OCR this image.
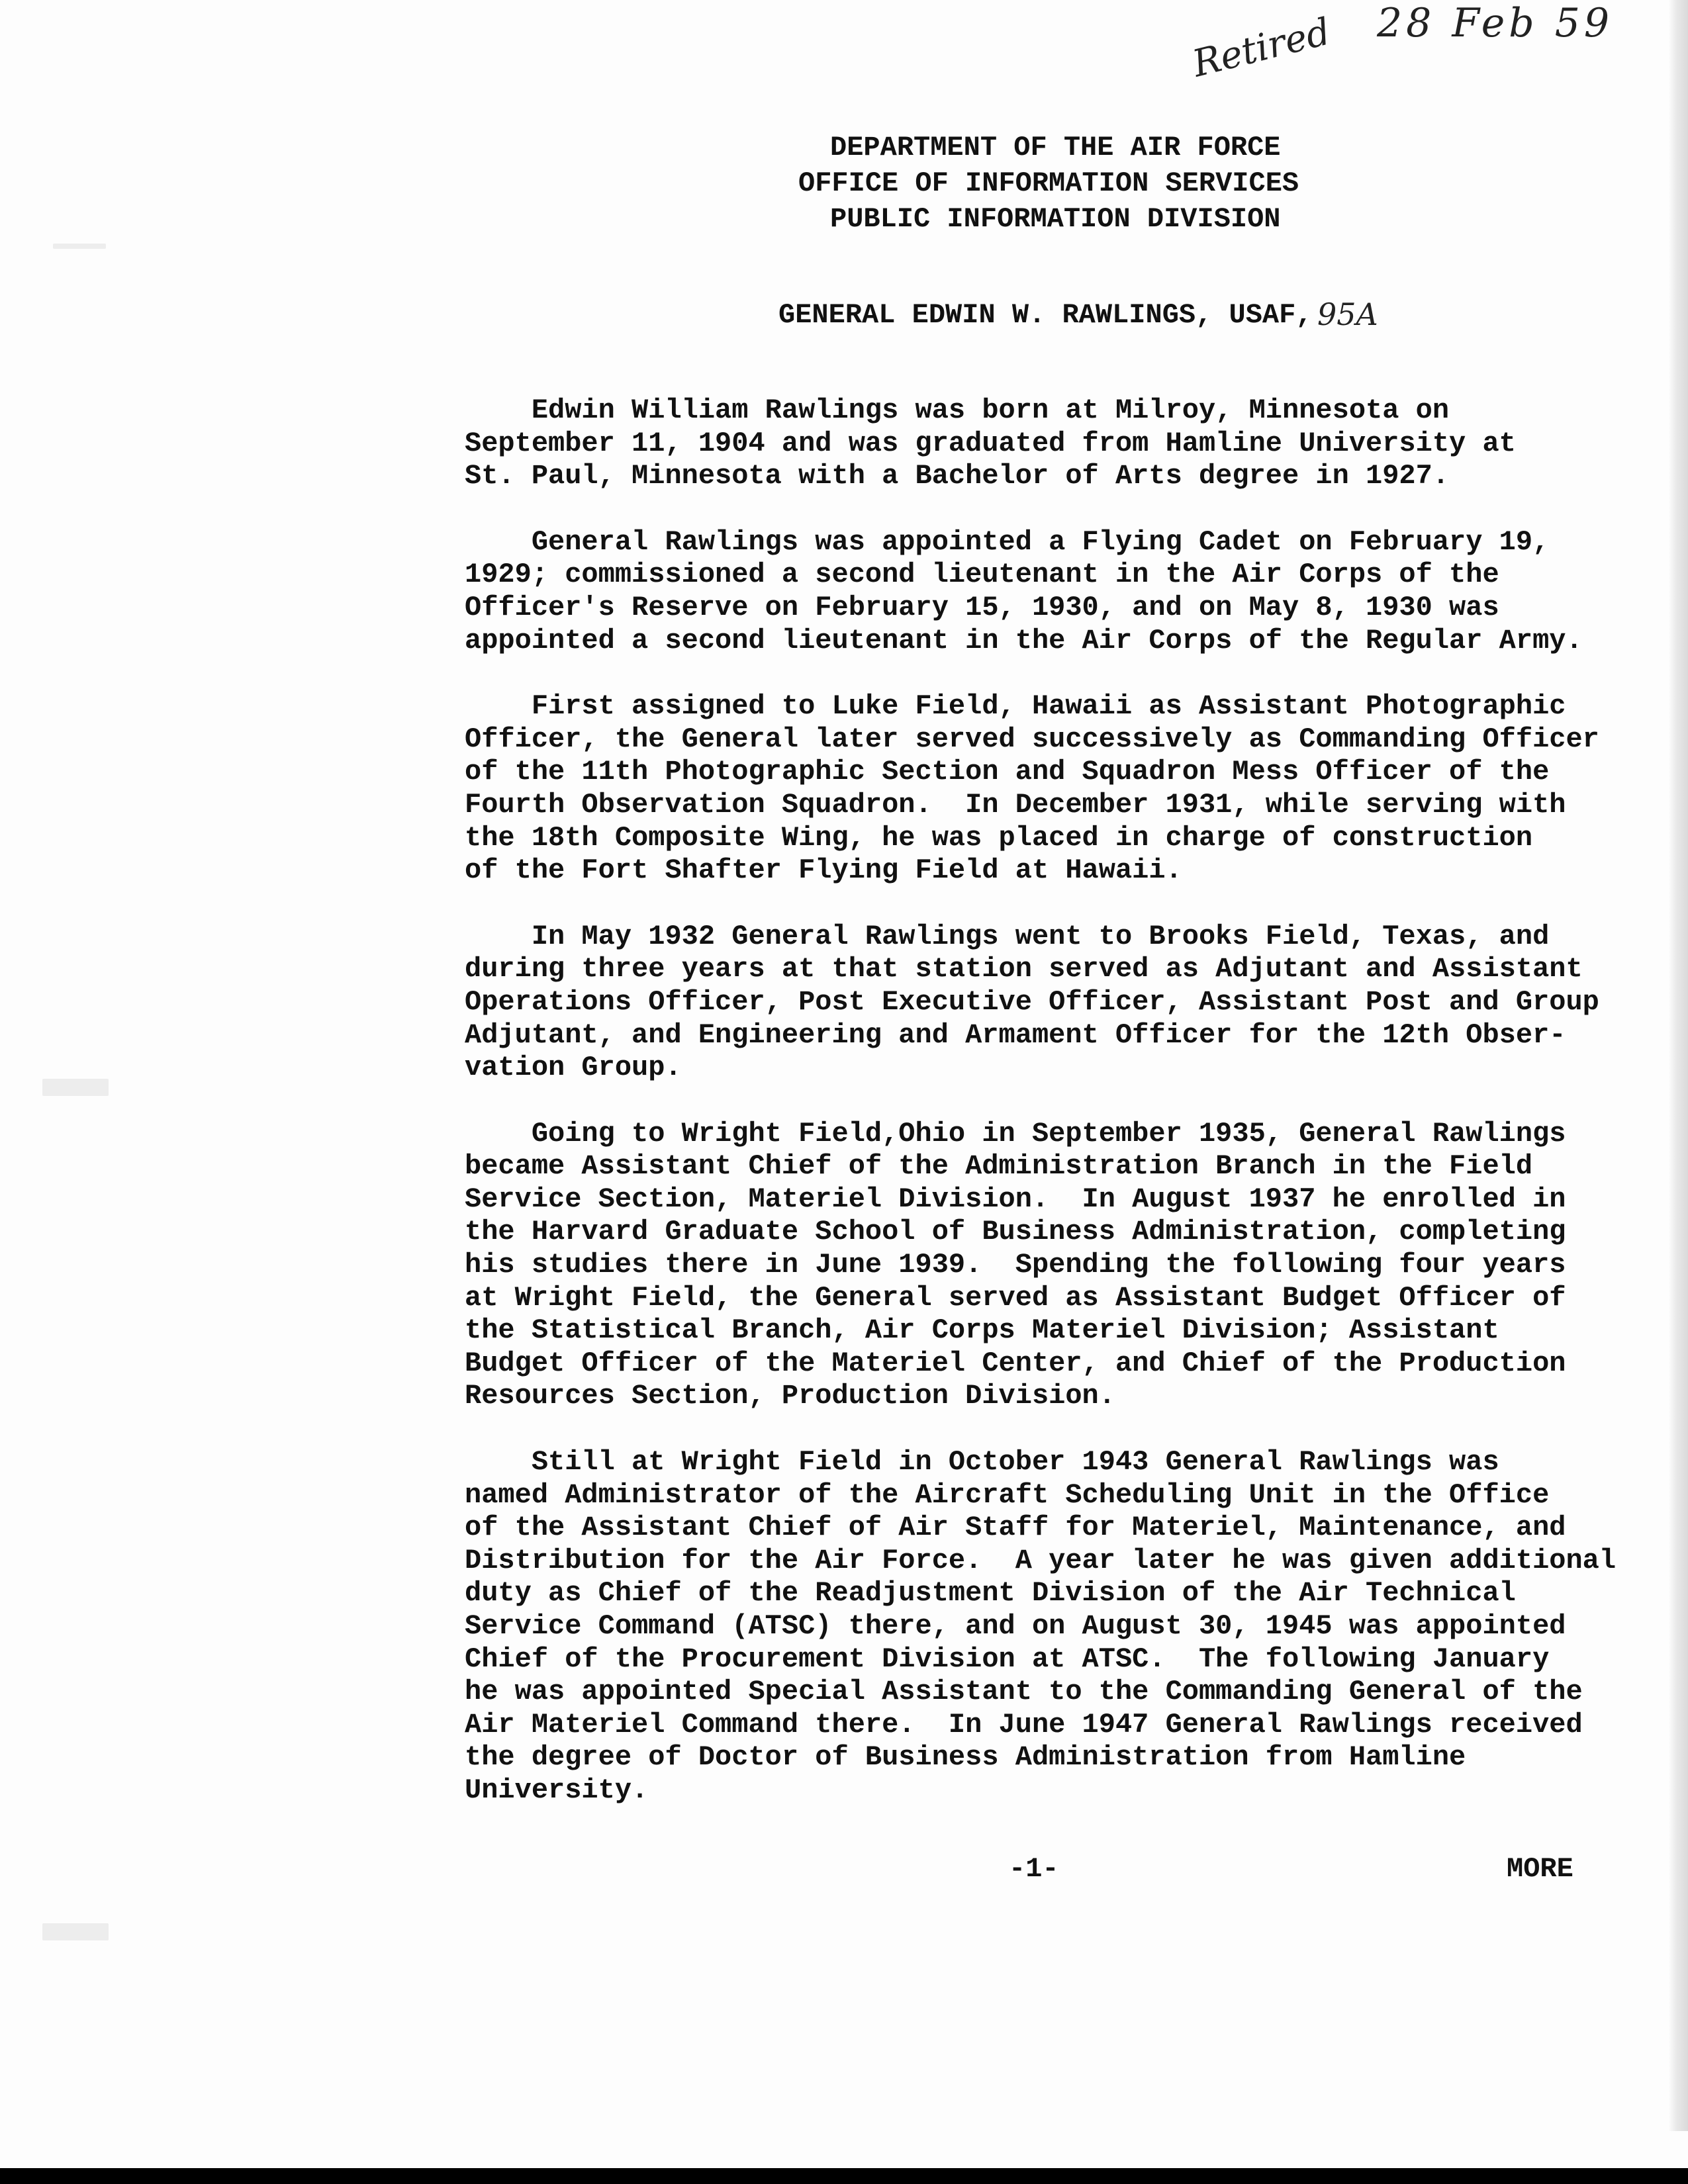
Retired 28 Feb 59
DEPARTMENT OF THE AIR FORCE
OFFICE OF INFORMATION SERVICES
PUBLIC INFORMATION DIVISION
GENERAL EDWIN W. RAWLINGS, USAF, 95A
Edwin William Rawlings was born at Milroy, Minnesota on
September 11, 1904 and was graduated from Hamline University at
St. Paul, Minnesota with a Bachelor of Arts degree in 1927.
General Rawlings was appointed a Flying Cadet on February 19,
1929; commissioned a second lieutenant in the Air Corps of the
Officer's Reserve on February 15, 1930, and on May 8, 1930 was
appointed a second lieutenant in the Air Corps of the Regular Army.
First assigned to Luke Field, Hawaii as Assistant Photographic
Officer, the General later served successively as Commanding Officer
of the 11th Photographic Section and Squadron Mess Officer of the
Fourth Observation Squadron.  In December 1931, while serving with
the 18th Composite Wing, he was placed in charge of construction
of the Fort Shafter Flying Field at Hawaii.
In May 1932 General Rawlings went to Brooks Field, Texas, and
during three years at that station served as Adjutant and Assistant
Operations Officer, Post Executive Officer, Assistant Post and Group
Adjutant, and Engineering and Armament Officer for the 12th Obser-
vation Group.
Going to Wright Field,Ohio in September 1935, General Rawlings
became Assistant Chief of the Administration Branch in the Field
Service Section, Materiel Division.  In August 1937 he enrolled in
the Harvard Graduate School of Business Administration, completing
his studies there in June 1939.  Spending the following four years
at Wright Field, the General served as Assistant Budget Officer of
the Statistical Branch, Air Corps Materiel Division; Assistant
Budget Officer of the Materiel Center, and Chief of the Production
Resources Section, Production Division.
Still at Wright Field in October 1943 General Rawlings was
named Administrator of the Aircraft Scheduling Unit in the Office
of the Assistant Chief of Air Staff for Materiel, Maintenance, and
Distribution for the Air Force.  A year later he was given additional
duty as Chief of the Readjustment Division of the Air Technical
Service Command (ATSC) there, and on August 30, 1945 was appointed
Chief of the Procurement Division at ATSC.  The following January
he was appointed Special Assistant to the Commanding General of the
Air Materiel Command there.  In June 1947 General Rawlings received
the degree of Doctor of Business Administration from Hamline
University.
-1-	MORE
